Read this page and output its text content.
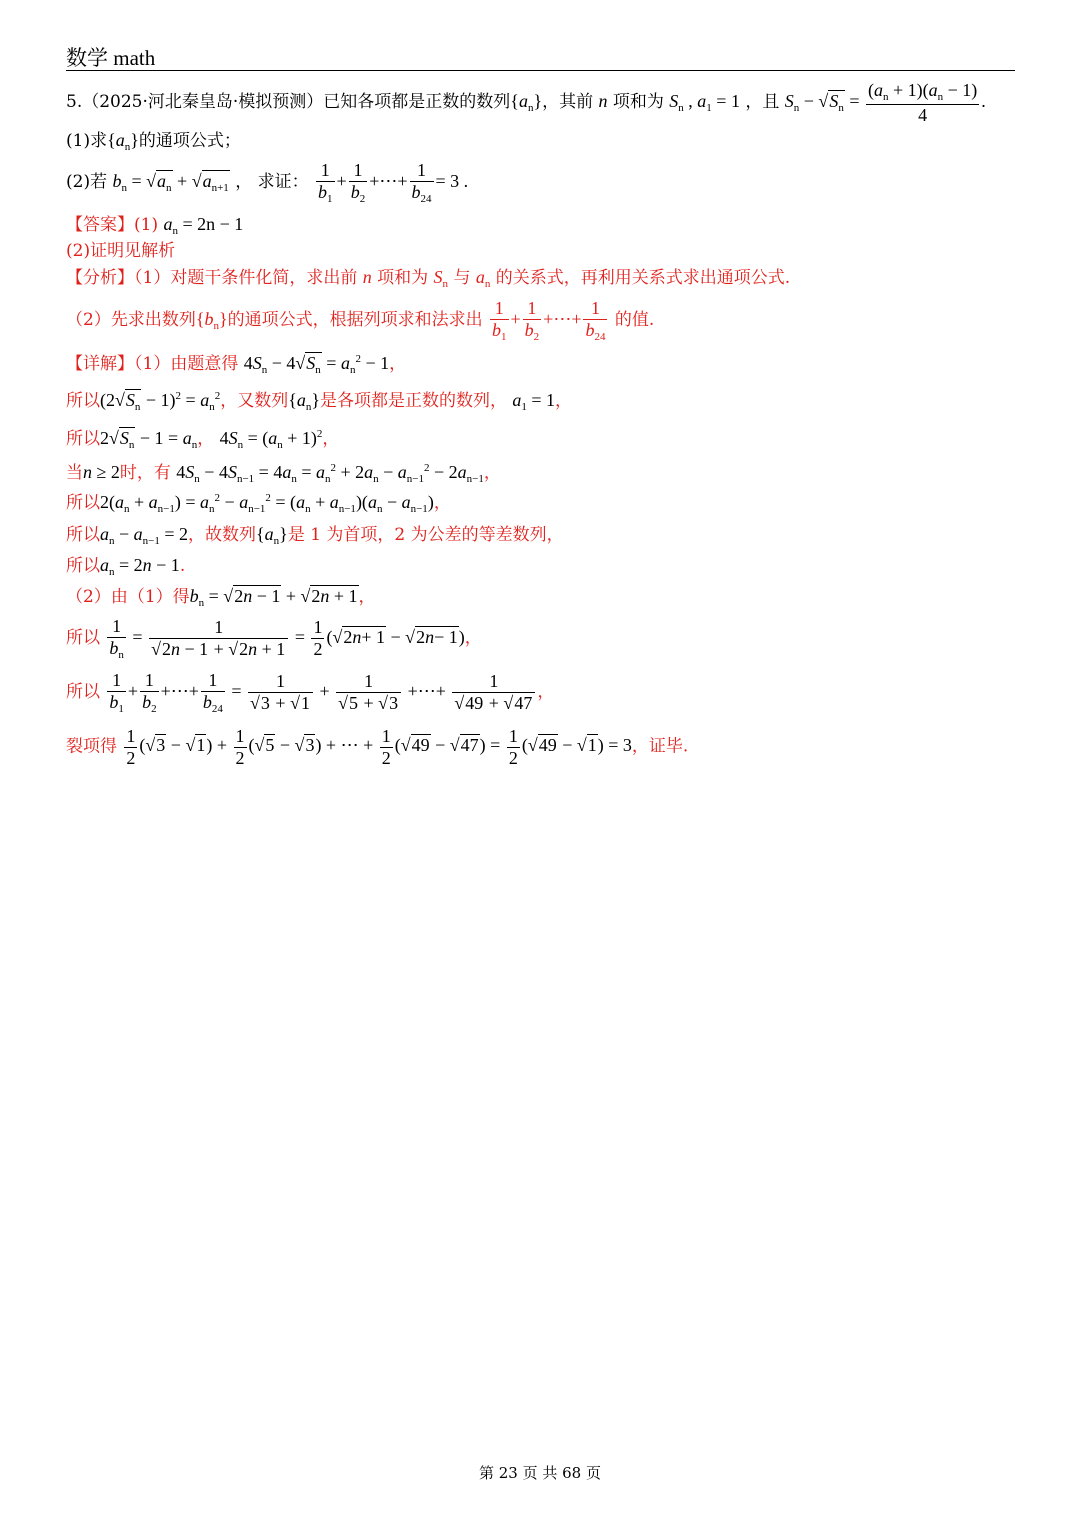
数学 math
5.（2025·河北秦皇岛·模拟预测）已知各项都是正数的数列$\{a_n\}$，其前 n 项和为 $S_n$ , $a_1 = 1$ ，且 $S_n - √S_n = \frac{(a_n + 1)(a_n - 1)}{4}$ .
(1)求$\{a_n\}$的通项公式；
(2)若 $b_n = √a_n + √a_{n+1}$ ， 求证： $\frac{1}{b_1} + \frac{1}{b_2}$ +⋯+ $\frac{1}{b_{24}} = 3$ .
【答案】(1) $a_n = 2n - 1$
(2)证明见解析
【分析】（1）对题干条件化简，求出前 n 项和为 $S_n$ 与 $a_n$ 的关系式，再利用关系式求出通项公式.
（2）先求出数列$\{b_n\}$的通项公式，根据列项求和法求出 $\frac{1}{b_1} + \frac{1}{b_2}$ +⋯+ $\frac{1}{b_{24}}$ 的值.
【详解】（1）由题意得 $4S_n - 4√S_n = a_n^2 - 1$，
所以$(2√S_n - 1)^2 = a_n^2$，又数列$\{a_n\}$是各项都是正数的数列， $a_1 = 1$，
所以$2√S_n - 1 = a_n$， $4S_n = (a_n + 1)^2$，
当n ≥ 2时，有 $4S_n - 4S_{n-1} = 4a_n = a_n^2 + 2a_n - a_{n-1}^2 - 2a_{n-1}$，
所以$2(a_n + a_{n-1}) = a_n^2 - a_{n-1}^2 = (a_n + a_{n-1})(a_n - a_{n-1})$，
所以$a_n - a_{n-1} = 2$，故数列$\{a_n\}$是 1 为首项，2 为公差的等差数列，
所以$a_n = 2n - 1$.
（2）由（1）得$b_n = √2n - 1 + √2n + 1$，
所以 $\frac{1}{b_n} = \frac{1}{√2n - 1 + √2n + 1} = \frac{1}{2} (√2n+ 1 - √2n- 1)$，
所以 $\frac{1}{b_1} + \frac{1}{b_2}$ +⋯+ $\frac{1}{b_{24}} = \frac{1}{√3 + √1} + \frac{1}{√5 + √3}$ +⋯+ $\frac{1}{√49 + √47}$ ，
裂项得 $\frac{1}{2} (√3 - √1) + \frac{1}{2} (√5 - √3)$ + ⋯ + $\frac{1}{2} (√49 - √47) = \frac{1}{2} (√49 - √1) = 3$，证毕.
第 23 页 共 68 页
